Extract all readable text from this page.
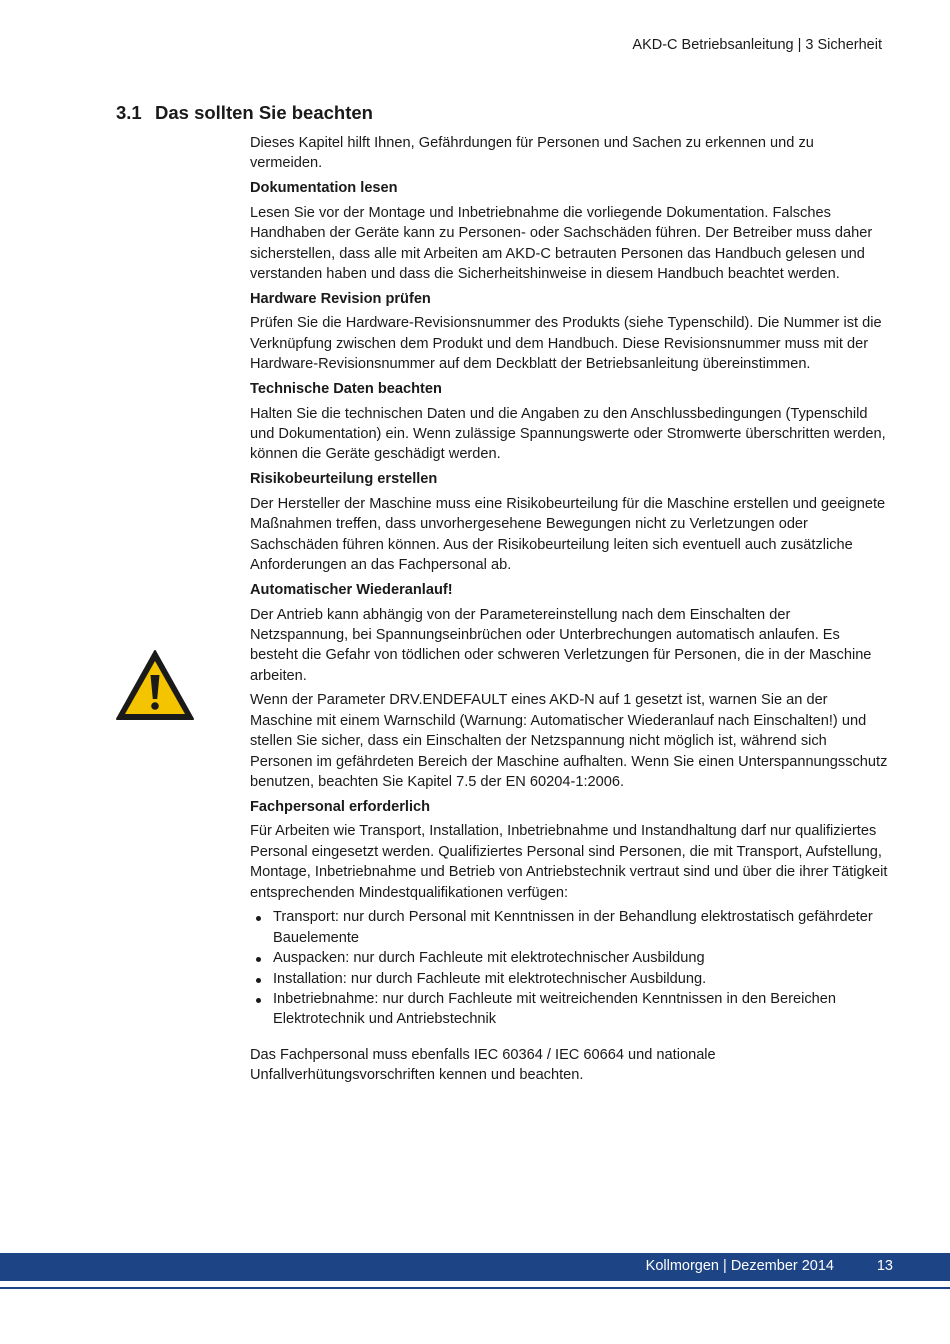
AKD-C Betriebsanleitung | 3 Sicherheit
3.1 Das sollten Sie beachten

Dieses Kapitel hilft Ihnen, Gefährdungen für Personen und Sachen zu erkennen und zu vermeiden.

Dokumentation lesen

Lesen Sie vor der Montage und Inbetriebnahme die vorliegende Dokumentation. Falsches Handhaben der Geräte kann zu Personen- oder Sachschäden führen. Der Betreiber muss daher sicherstellen, dass alle mit Arbeiten am AKD-C betrauten Personen das Handbuch gelesen und verstanden haben und dass die Sicherheitshinweise in diesem Handbuch beachtet werden.

Hardware Revision prüfen

Prüfen Sie die Hardware-Revisionsnummer des Produkts (siehe Typenschild). Die Nummer ist die Verknüpfung zwischen dem Produkt und dem Handbuch. Diese Revisionsnummer muss mit der Hardware-Revisionsnummer auf dem Deckblatt der Betriebsanleitung übereinstimmen.

Technische Daten beachten

Halten Sie die technischen Daten und die Angaben zu den Anschlussbedingungen (Typenschild und Dokumentation) ein. Wenn zulässige Spannungswerte oder Stromwerte überschritten werden, können die Geräte geschädigt werden.

Risikobeurteilung erstellen

Der Hersteller der Maschine muss eine Risikobeurteilung für die Maschine erstellen und geeignete Maßnahmen treffen, dass unvorhergesehene Bewegungen nicht zu Verletzungen oder Sachschäden führen können. Aus der Risikobeurteilung leiten sich eventuell auch zusätzliche Anforderungen an das Fachpersonal ab.

Automatischer Wiederanlauf!

Der Antrieb kann abhängig von der Parametereinstellung nach dem Einschalten der Netzspannung, bei Spannungseinbrüchen oder Unterbrechungen automatisch anlaufen. Es besteht die Gefahr von tödlichen oder schweren Verletzungen für Personen, die in der Maschine arbeiten.

Wenn der Parameter DRV.ENDEFAULT eines AKD-N auf 1 gesetzt ist, warnen Sie an der Maschine mit einem Warnschild (Warnung: Automatischer Wiederanlauf nach Einschalten!) und stellen Sie sicher, dass ein Einschalten der Netzspannung nicht möglich ist, während sich Personen im gefährdeten Bereich der Maschine aufhalten. Wenn Sie einen Unterspannungsschutz benutzen, beachten Sie Kapitel 7.5 der EN 60204-1:2006.

Fachpersonal erforderlich

Für Arbeiten wie Transport, Installation, Inbetriebnahme und Instandhaltung darf nur qualifiziertes Personal eingesetzt werden. Qualifiziertes Personal sind Personen, die mit Transport, Aufstellung, Montage, Inbetriebnahme und Betrieb von Antriebstechnik vertraut sind und über die ihrer Tätigkeit entsprechenden Mindestqualifikationen verfügen:

Transport: nur durch Personal mit Kenntnissen in der Behandlung elektrostatisch gefährdeter Bauelemente
Auspacken: nur durch Fachleute mit elektrotechnischer Ausbildung
Installation: nur durch Fachleute mit elektrotechnischer Ausbildung.
Inbetriebnahme: nur durch Fachleute mit weitreichenden Kenntnissen in den Bereichen Elektrotechnik und Antriebstechnik

Das Fachpersonal muss ebenfalls IEC 60364 / IEC 60664 und nationale Unfallverhütungsvorschriften kennen und beachten.

Kollmorgen | Dezember 2014	13
